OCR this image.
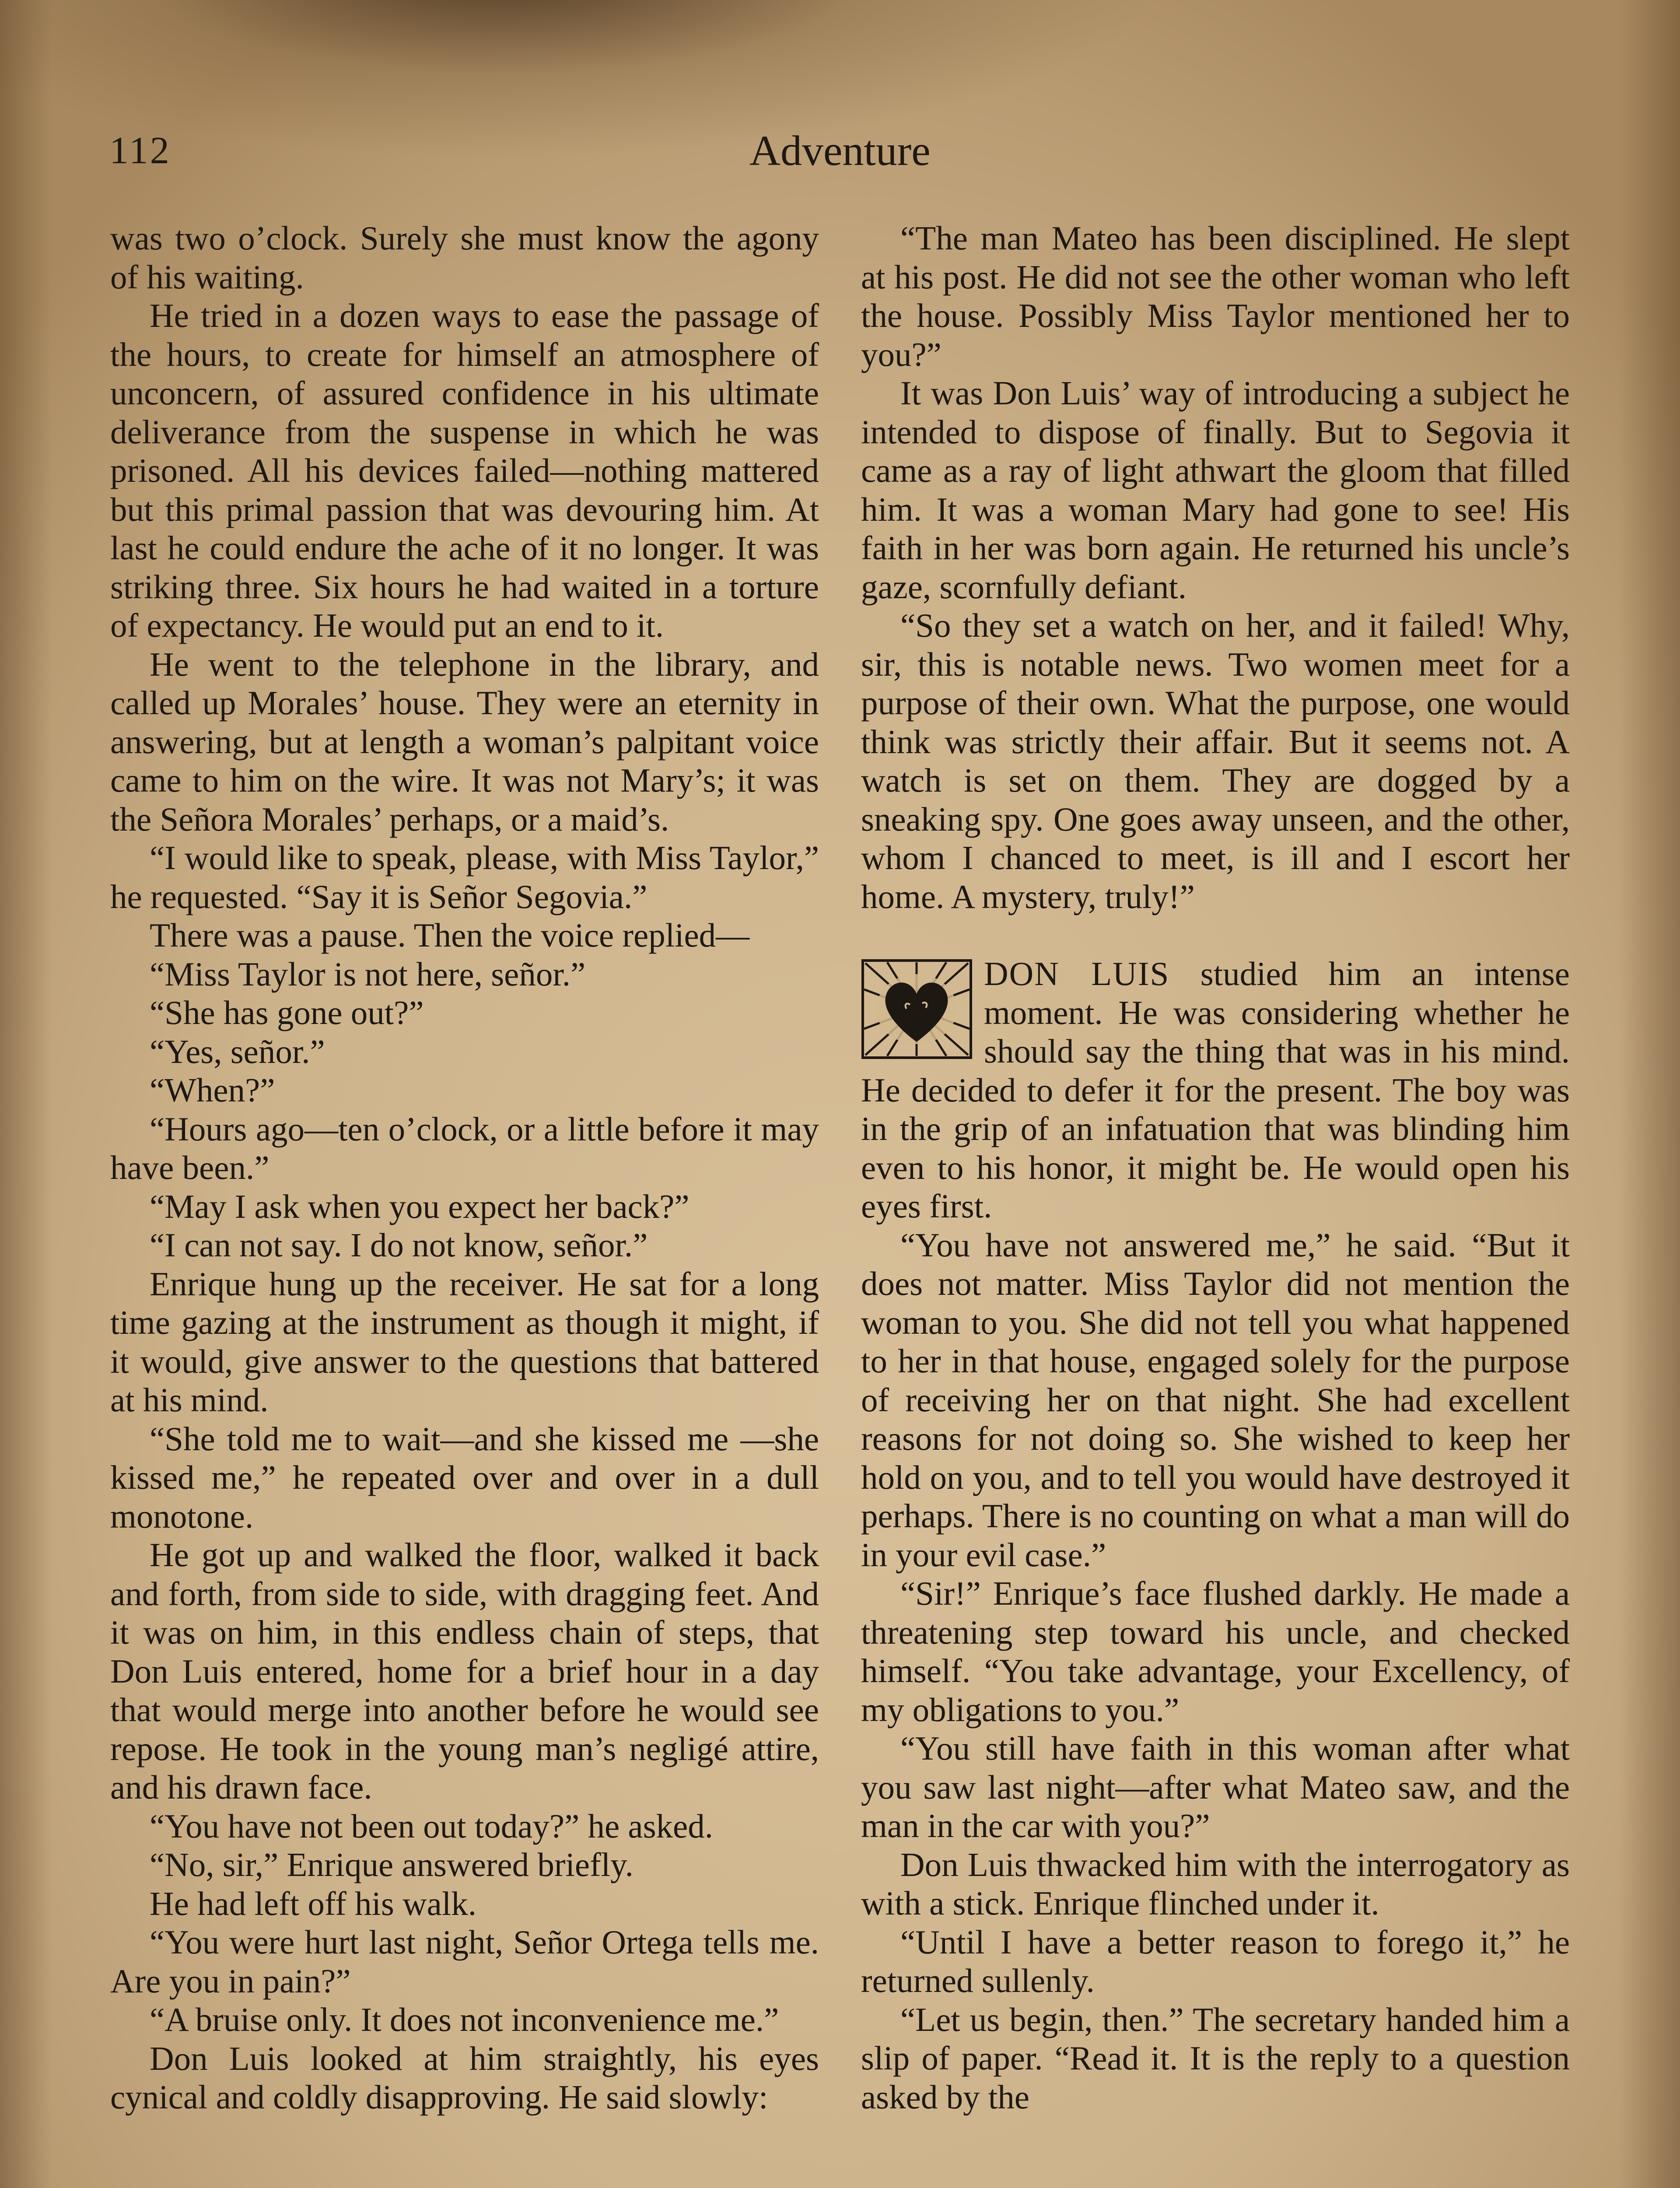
112	Adventure

was two o’clock. Surely she must know the agony of his waiting.

He tried in a dozen ways to ease the passage of the hours, to create for himself an atmosphere of unconcern, of assured confidence in his ultimate deliverance from the suspense in which he was prisoned. All his devices failed—nothing mattered but this primal passion that was devouring him. At last he could endure the ache of it no longer. It was striking three. Six hours he had waited in a torture of expectancy. He would put an end to it.

He went to the telephone in the library, and called up Morales’ house. They were an eternity in answering, but at length a woman’s palpitant voice came to him on the wire. It was not Mary’s; it was the Señora Morales’ perhaps, or a maid’s.

“I would like to speak, please, with Miss Taylor,” he requested. “Say it is Señor Segovia.”

There was a pause. Then the voice replied—

“Miss Taylor is not here, señor.”

“She has gone out?”

“Yes, señor.”

“When?”

“Hours ago—ten o’clock, or a little before it may have been.”

“May I ask when you expect her back?”

“I can not say. I do not know, señor.”

Enrique hung up the receiver. He sat for a long time gazing at the instrument as though it might, if it would, give answer to the questions that battered at his mind.

“She told me to wait—and she kissed me —she kissed me,” he repeated over and over in a dull monotone.

He got up and walked the floor, walked it back and forth, from side to side, with dragging feet. And it was on him, in this endless chain of steps, that Don Luis entered, home for a brief hour in a day that would merge into another before he would see repose. He took in the young man’s negligé attire, and his drawn face.

“You have not been out today?” he asked.

“No, sir,” Enrique answered briefly.

He had left off his walk.

“You were hurt last night, Señor Ortega tells me. Are you in pain?”

“A bruise only. It does not inconvenience me.”

Don Luis looked at him straightly, his eyes cynical and coldly disapproving. He said slowly:

“The man Mateo has been disciplined. He slept at his post. He did not see the other woman who left the house. Possibly Miss Taylor mentioned her to you?”

It was Don Luis’ way of introducing a subject he intended to dispose of finally. But to Segovia it came as a ray of light athwart the gloom that filled him. It was a woman Mary had gone to see! His faith in her was born again. He returned his uncle’s gaze, scornfully defiant.

“So they set a watch on her, and it failed! Why, sir, this is notable news. Two women meet for a purpose of their own. What the purpose, one would think was strictly their affair. But it seems not. A watch is set on them. They are dogged by a sneaking spy. One goes away unseen, and the other, whom I chanced to meet, is ill and I escort her home. A mystery, truly!”

DON LUIS studied him an intense moment. He was considering whether he should say the thing that was in his mind. He decided to defer it for the present. The boy was in the grip of an infatuation that was blinding him even to his honor, it might be. He would open his eyes first.

“You have not answered me,” he said. “But it does not matter. Miss Taylor did not mention the woman to you. She did not tell you what happened to her in that house, engaged solely for the purpose of receiving her on that night. She had excellent reasons for not doing so. She wished to keep her hold on you, and to tell you would have destroyed it perhaps. There is no counting on what a man will do in your evil case.”

“Sir!” Enrique’s face flushed darkly. He made a threatening step toward his uncle, and checked himself. “You take advantage, your Excellency, of my obligations to you.”

“You still have faith in this woman after what you saw last night—after what Mateo saw, and the man in the car with you?”

Don Luis thwacked him with the interrogatory as with a stick. Enrique flinched under it.

“Until I have a better reason to forego it,” he returned sullenly.

“Let us begin, then.” The secretary handed him a slip of paper. “Read it. It is the reply to a question asked by the
